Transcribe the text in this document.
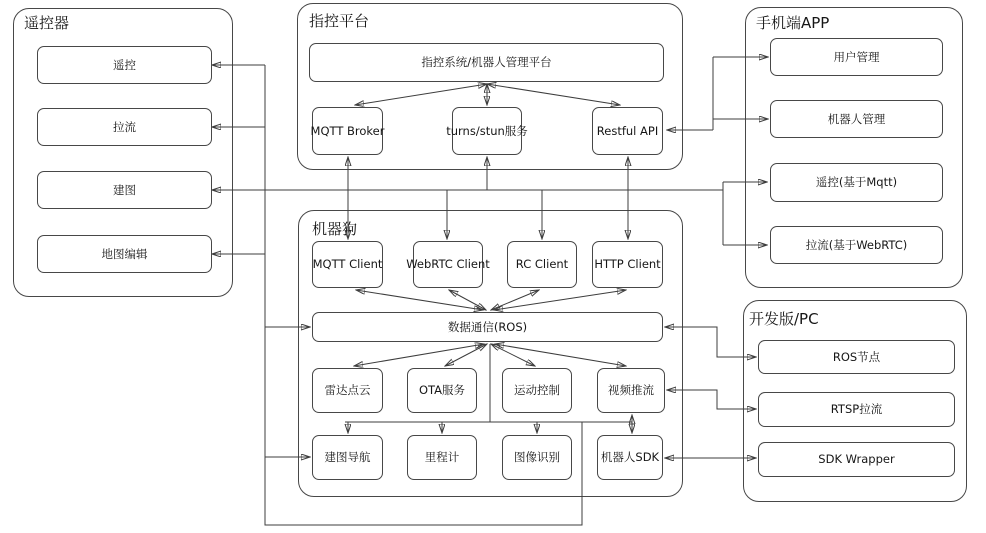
遥控器	指控平台	手机端APP
机器狗
开发版/PC
遥控
拉流
建图
地图编辑
指控系统/机器人管理平台
MQTT Broker	turns/stun服务	Restful API
用户管理
机器人管理
遥控(基于Mqtt)
拉流(基于WebRTC)
MQTT Client WebRTC Client	RC Client	HTTP Client
数据通信(ROS)
雷达点云	OTA服务	运动控制	视频推流
建图导航	里程计	图像识别	机器人SDK
ROS节点
RTSP拉流
SDK Wrapper
